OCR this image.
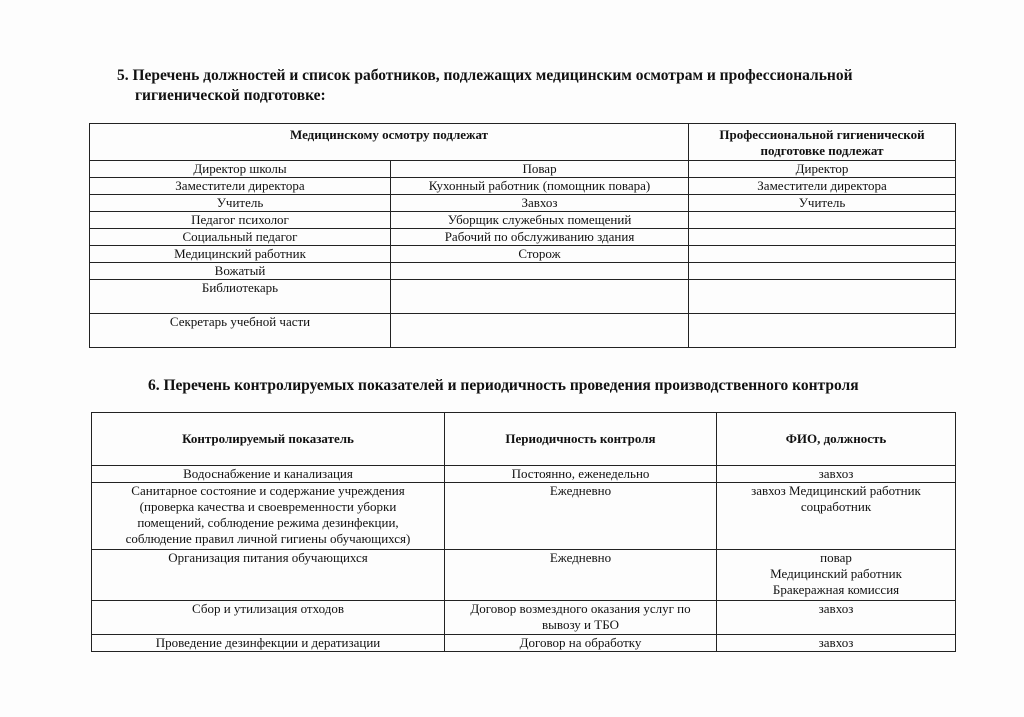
5. Перечень должностей и список работников, подлежащих медицинским осмотрам и профессиональной
гигиенической подготовке:
Медицинскому осмотру подлежат		Профессиональной гигиенической подготовке подлежат
Директор школы	Повар	Директор
Заместители директора	Кухонный работник (помощник повара)	Заместители директора
Учитель	Завхоз	Учитель
Педагог психолог	Уборщик служебных помещений	
Социальный педагог	Рабочий по обслуживанию здания	
Медицинский работник	Сторож	
Вожатый		
Библиотекарь		
Секретарь учебной части		
6. Перечень контролируемых показателей и периодичность проведения производственного контроля
Контролируемый показатель	Периодичность контроля	ФИО, должность

Водоснабжение и канализация	Постоянно, еженедельно	завхоз

Санитарное состояние и содержание учреждения
(проверка качества и своевременности уборки
помещений, соблюдение режима дезинфекции,
соблюдение правил личной гигиены обучающихся)	Ежедневно	завхоз Медицинский работник
соцработник

Организация питания обучающихся	Ежедневно	повар
Медицинский работник
Бракеражная комиссия

Сбор и утилизация отходов	Договор возмездного оказания услуг по
вывозу и ТБО	завхоз

Проведение дезинфекции и дератизации	Договор на обработку	завхоз
